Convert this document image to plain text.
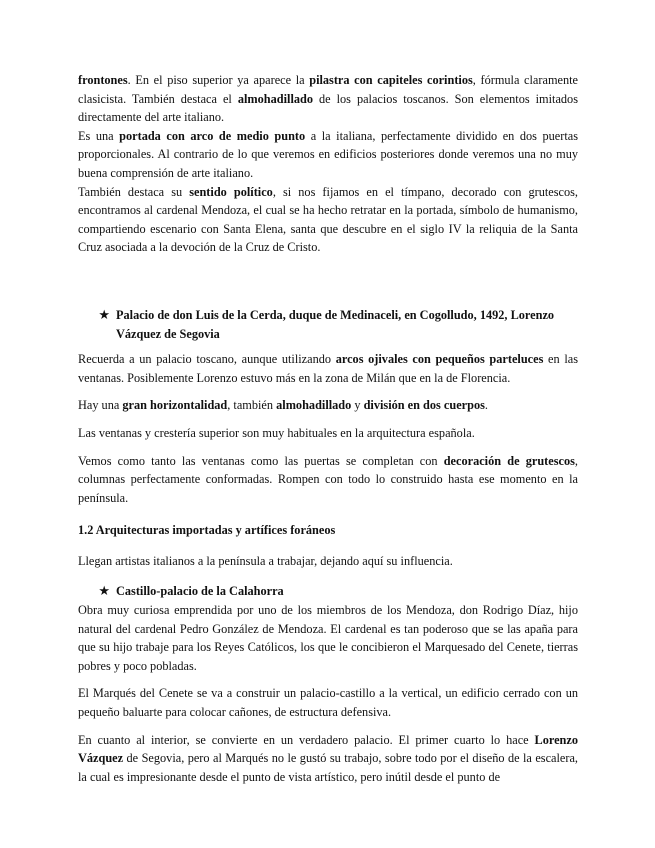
frontones. En el piso superior ya aparece la pilastra con capiteles corintios, fórmula claramente clasicista. También destaca el almohadillado de los palacios toscanos. Son elementos imitados directamente del arte italiano.

Es una portada con arco de medio punto a la italiana, perfectamente dividido en dos puertas proporcionales. Al contrario de lo que veremos en edificios posteriores donde veremos una no muy buena comprensión de arte italiano.

También destaca su sentido político, si nos fijamos en el tímpano, decorado con grutescos, encontramos al cardenal Mendoza, el cual se ha hecho retratar en la portada, símbolo de humanismo, compartiendo escenario con Santa Elena, santa que descubre en el siglo IV la reliquia de la Santa Cruz asociada a la devoción de la Cruz de Cristo.

★ Palacio de don Luis de la Cerda, duque de Medinaceli, en Cogolludo, 1492, Lorenzo Vázquez de Segovia

Recuerda a un palacio toscano, aunque utilizando arcos ojivales con pequeños parteluces en las ventanas. Posiblemente Lorenzo estuvo más en la zona de Milán que en la de Florencia.

Hay una gran horizontalidad, también almohadillado y división en dos cuerpos.

Las ventanas y crestería superior son muy habituales en la arquitectura española.

Vemos como tanto las ventanas como las puertas se completan con decoración de grutescos, columnas perfectamente conformadas. Rompen con todo lo construido hasta ese momento en la península.

1.2 Arquitecturas importadas y artífices foráneos

Llegan artistas italianos a la península a trabajar, dejando aquí su influencia.

★ Castillo-palacio de la Calahorra

Obra muy curiosa emprendida por uno de los miembros de los Mendoza, don Rodrigo Díaz, hijo natural del cardenal Pedro González de Mendoza. El cardenal es tan poderoso que se las apaña para que su hijo trabaje para los Reyes Católicos, los que le concibieron el Marquesado del Cenete, tierras pobres y poco pobladas.

El Marqués del Cenete se va a construir un palacio-castillo a la vertical, un edificio cerrado con un pequeño baluarte para colocar cañones, de estructura defensiva.

En cuanto al interior, se convierte en un verdadero palacio. El primer cuarto lo hace Lorenzo Vázquez de Segovia, pero al Marqués no le gustó su trabajo, sobre todo por el diseño de la escalera, la cual es impresionante desde el punto de vista artístico, pero inútil desde el punto de
